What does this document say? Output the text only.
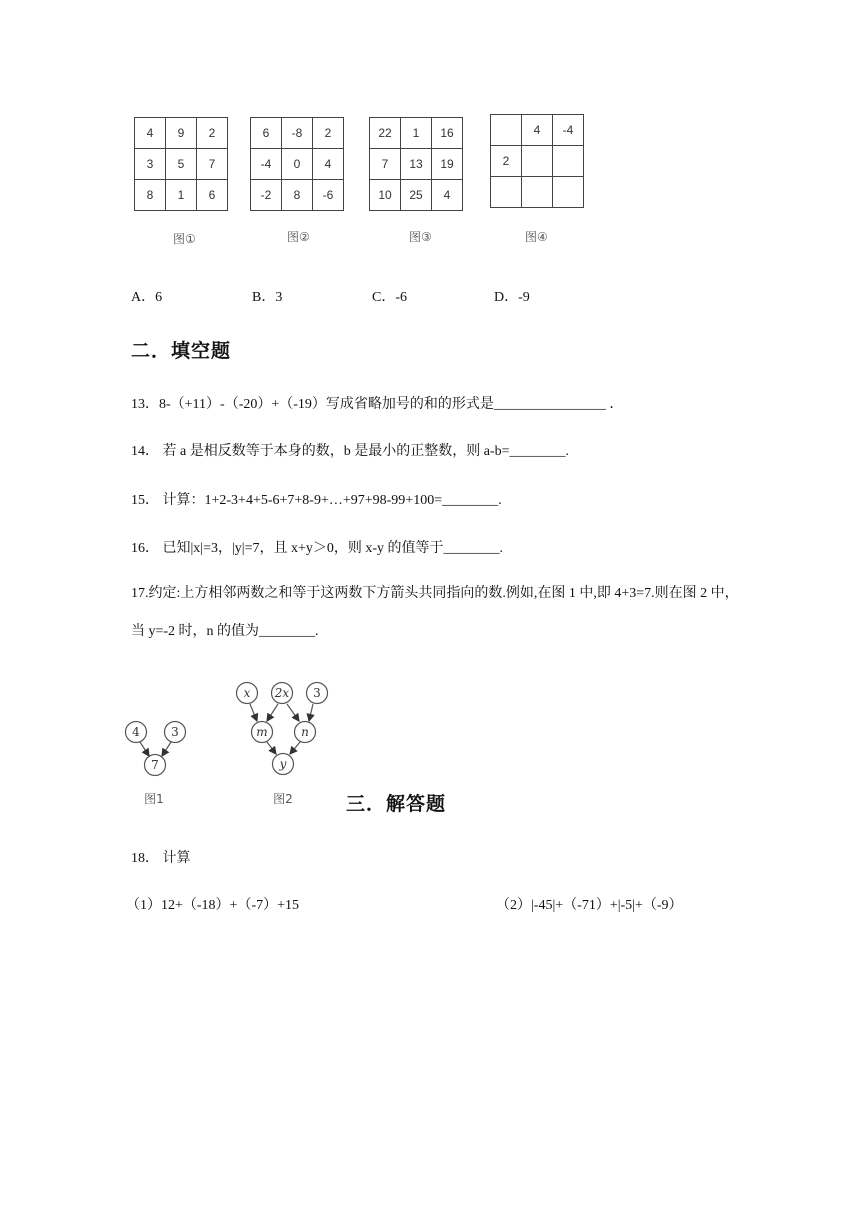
4	9	2
3	5	7
8	1	6
图①
6	-8	2
-4	0	4
-2	8	-6
图②
22	1	16
7	13	19
10	25	4
图③
	4	-4
2		

图④
A．6	B．3	C．-6	D．-9
二．填空题
13．8-（+11）-（-20）+（-19）写成省略加号的和的形式是________________ ．
14． 若 a 是相反数等于本身的数，b 是最小的正整数，则 a-b=________.
15． 计算：1+2-3+4+5-6+7+8-9+…+97+98-99+100=________.
16． 已知|x|=3，|y|=7，且 x+y＞0，则 x-y 的值等于________.
17.约定:上方相邻两数之和等于这两数下方箭头共同指向的数.例如,在图 1 中,即 4+3=7.则在图 2 中，当 y=-2 时，n 的值为________.
4	3
7
x 2x 3
m	n
y
图1	图2	三．解答题
18． 计算
（1）12+（-18）+（-7）+15	（2）|-45|+（-71）+|-5|+（-9）
